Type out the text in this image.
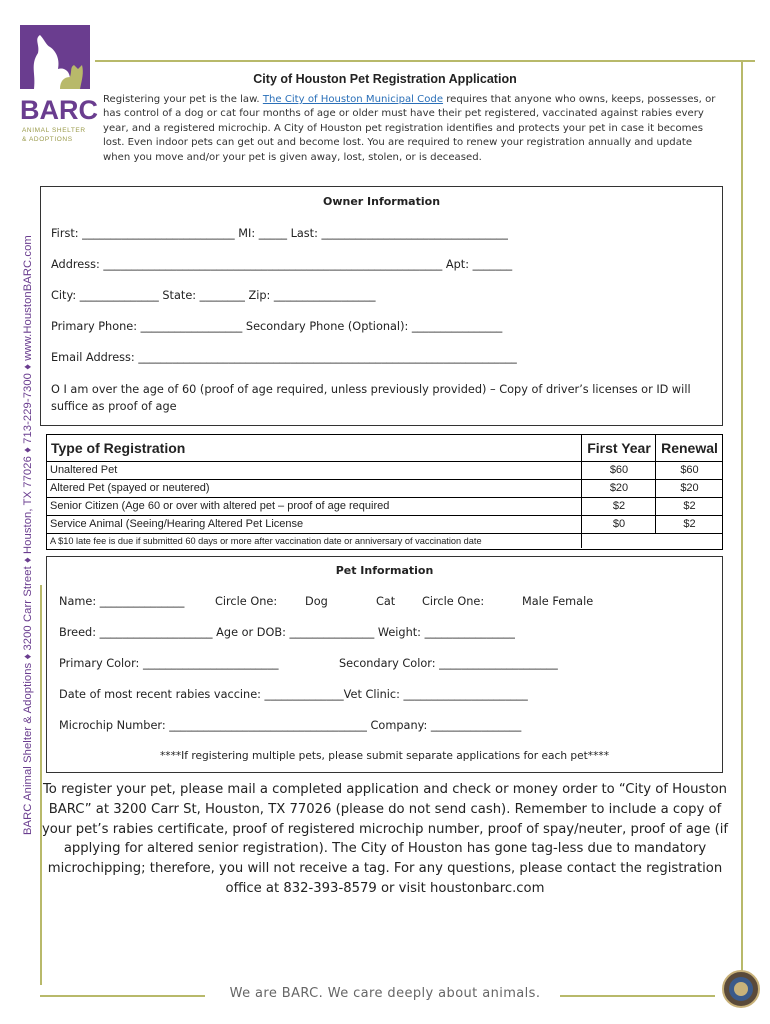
BARC
ANIMAL SHELTER
& ADOPTIONS
BARC Animal Shelter & Adoptions ♦ 3200 Carr Street ♦ Houston, TX 77026 ♦ 713-229-7300 ♦ www.HoustonBARC.com
City of Houston Pet Registration Application
Registering your pet is the law. The City of Houston Municipal Code requires that anyone who owns, keeps, possesses, or has control of a dog or cat four months of age or older must have their pet registered, vaccinated against rabies every year, and a registered microchip. A City of Houston pet registration identifies and protects your pet in case it becomes lost. Even indoor pets can get out and become lost. You are required to renew your registration annually and update when you move and/or your pet is given away, lost, stolen, or is deceased.
Owner Information
First: ___________________________ MI: _____ Last: _________________________________
Address: ____________________________________________________________ Apt: _______
City: ______________ State: ________ Zip: __________________
Primary Phone: __________________ Secondary Phone (Optional): ________________
Email Address: ___________________________________________________________________
O I am over the age of 60 (proof of age required, unless previously provided) – Copy of driver’s licenses or ID will suffice as proof of age
Type of Registration	First Year Renewal
Unaltered Pet	$60	$60
Altered Pet (spayed or neutered)	$20	$20
Senior Citizen (Age 60 or over with altered pet – proof of age required	$2	$2
Service Animal (Seeing/Hearing Altered Pet License	$0	$2
A $10 late fee is due if submitted 60 days or more after vaccination date or anniversary of vaccination date
Pet Information
Name: _______________	Circle One: Dog	Cat Circle One:	Male Female
Breed: ____________________ Age or DOB: _______________ Weight: ________________
Primary Color: ________________________	Secondary Color: _____________________
Date of most recent rabies vaccine: ______________Vet Clinic: ______________________
Microchip Number: ___________________________________ Company: ________________
****If registering multiple pets, please submit separate applications for each pet****
To register your pet, please mail a completed application and check or money order to “City of Houston BARC” at 3200 Carr St, Houston, TX 77026 (please do not send cash). Remember to include a copy of your pet’s rabies certificate, proof of registered microchip number, proof of spay/neuter, proof of age (if applying for altered senior registration). The City of Houston has gone tag-less due to mandatory microchipping; therefore, you will not receive a tag. For any questions, please contact the registration office at 832-393-8579 or visit houstonbarc.com
We are BARC. We care deeply about animals.
